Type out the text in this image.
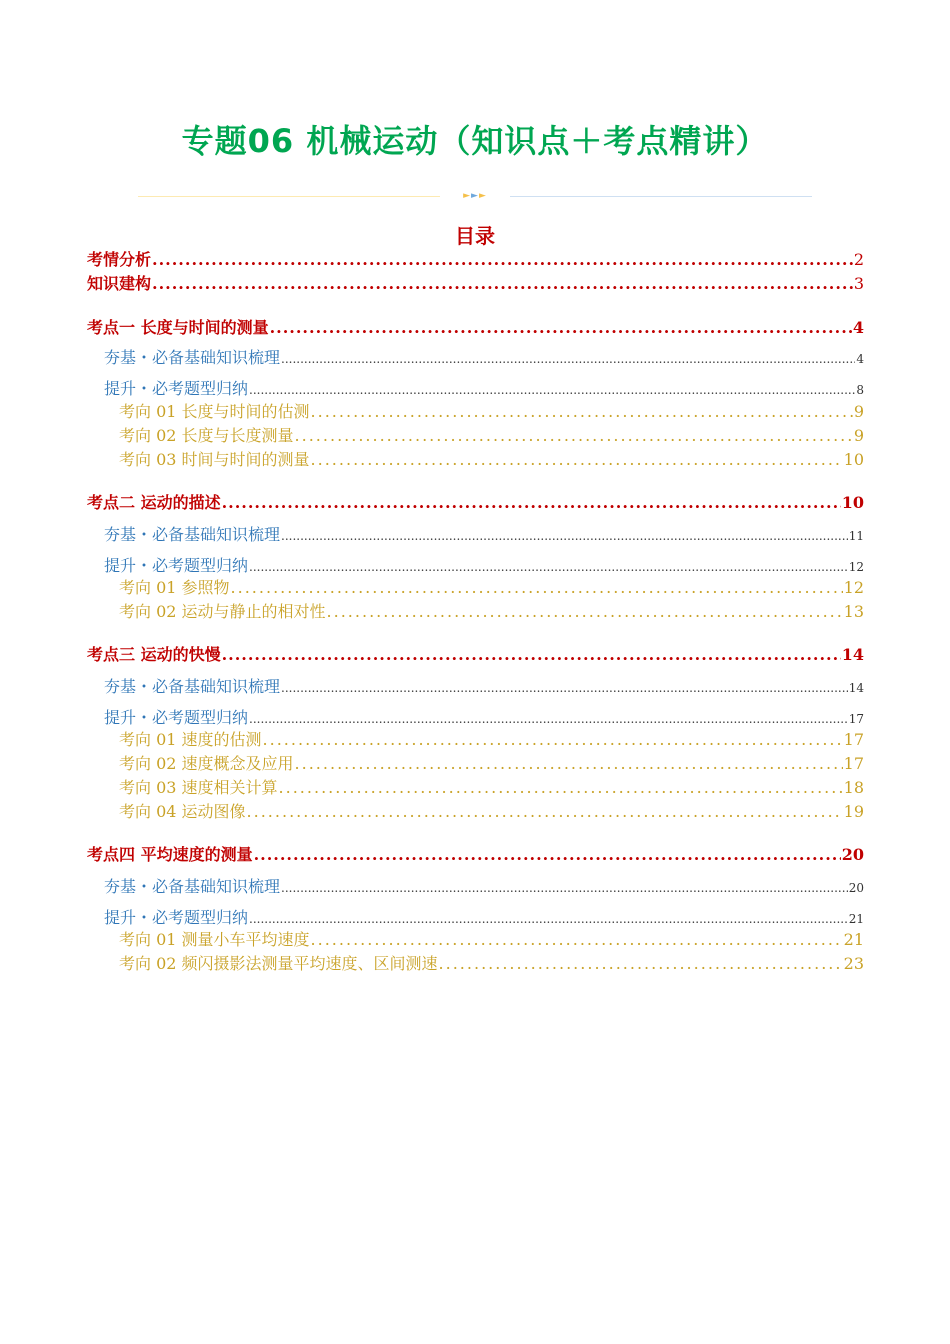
专题06 机械运动（知识点＋考点精讲）
►►►
目录
考情分析 .....	2
知识建构 .....	3
考点一 长度与时间的测量 .....	4
夯基・必备基础知识梳理 .....	4
提升・必考题型归纳 .....	8
考向 01 长度与时间的估测 .....	9
考向 02 长度与长度测量 .....	9
考向 03 时间与时间的测量 .....	10
考点二 运动的描述 .....	10
夯基・必备基础知识梳理 .....	11
提升・必考题型归纳 .....	12
考向 01 参照物 .....	12
考向 02 运动与静止的相对性 .....	13
考点三 运动的快慢 .....	14
夯基・必备基础知识梳理 .....	14
提升・必考题型归纳 .....	17
考向 01 速度的估测 .....	17
考向 02 速度概念及应用 .....	17
考向 03 速度相关计算 .....	18
考向 04 运动图像 .....	19
考点四 平均速度的测量 .....	20
夯基・必备基础知识梳理 .....	20
提升・必考题型归纳 .....	21
考向 01 测量小车平均速度 .....	21
考向 02 频闪摄影法测量平均速度、区间测速 .....	23
